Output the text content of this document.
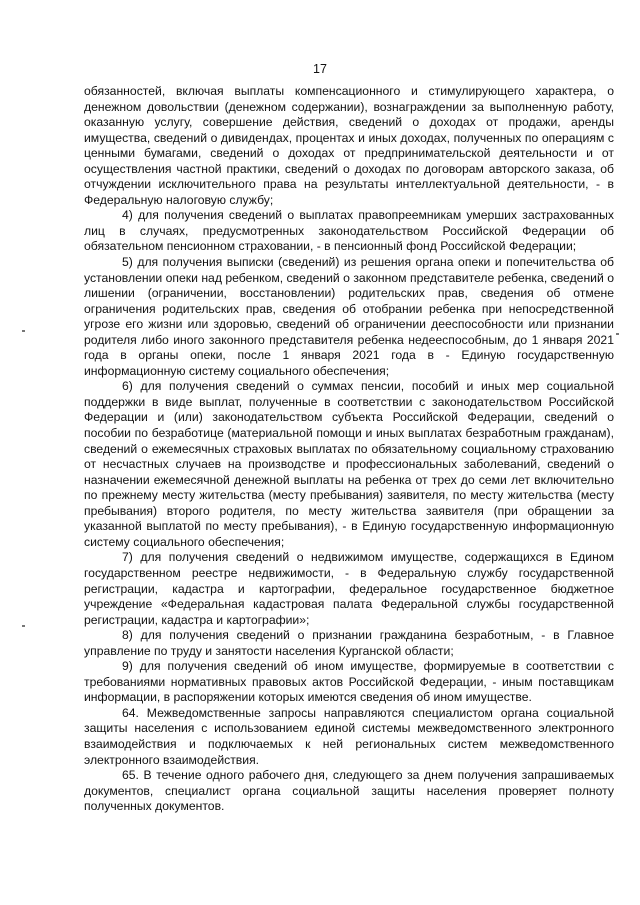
17

обязанностей, включая выплаты компенсационного и стимулирующего характера, о денежном довольствии (денежном содержании), вознаграждении за выполненную работу, оказанную услугу, совершение действия, сведений о доходах от продажи, аренды имущества, сведений о дивидендах, процентах и иных доходах, полученных по операциям с ценными бумагами, сведений о доходах от предпринимательской деятельности и от осуществления частной практики, сведений о доходах по договорам авторского заказа, об отчуждении исключительного права на результаты интеллектуальной деятельности, - в Федеральную налоговую службу;

4) для получения сведений о выплатах правопреемникам умерших застрахованных лиц в случаях, предусмотренных законодательством Российской Федерации об обязательном пенсионном страховании, - в пенсионный фонд Российской Федерации;

5) для получения выписки (сведений) из решения органа опеки и попечительства об установлении опеки над ребенком, сведений о законном представителе ребенка, сведений о лишении (ограничении, восстановлении) родительских прав, сведения об отмене ограничения родительских прав, сведения об отобрании ребенка при непосредственной угрозе его жизни или здоровью, сведений об ограничении дееспособности или признании родителя либо иного законного представителя ребенка недееспособным, до 1 января 2021 года в органы опеки, после 1 января 2021 года в - Единую государственную информационную систему социального обеспечения;

6) для получения сведений о суммах пенсии, пособий и иных мер социальной поддержки в виде выплат, полученные в соответствии с законодательством Российской Федерации и (или) законодательством субъекта Российской Федерации, сведений о пособии по безработице (материальной помощи и иных выплатах безработным гражданам), сведений о ежемесячных страховых выплатах по обязательному социальному страхованию от несчастных случаев на производстве и профессиональных заболеваний, сведений о назначении ежемесячной денежной выплаты на ребенка от трех до семи лет включительно по прежнему месту жительства (месту пребывания) заявителя, по месту жительства (месту пребывания) второго родителя, по месту жительства заявителя (при обращении за указанной выплатой по месту пребывания), - в Единую государственную информационную систему социального обеспечения;

7) для получения сведений о недвижимом имуществе, содержащихся в Едином государственном реестре недвижимости, - в Федеральную службу государственной регистрации, кадастра и картографии, федеральное государственное бюджетное учреждение «Федеральная кадастровая палата Федеральной службы государственной регистрации, кадастра и картографии»;

8) для получения сведений о признании гражданина безработным, - в Главное управление по труду и занятости населения Курганской области;

9) для получения сведений об ином имуществе, формируемые в соответствии с требованиями нормативных правовых актов Российской Федерации, - иным поставщикам информации, в распоряжении которых имеются сведения об ином имуществе.

64. Межведомственные запросы направляются специалистом органа социальной защиты населения с использованием единой системы межведомственного электронного взаимодействия и подключаемых к ней региональных систем межведомственного электронного взаимодействия.

65. В течение одного рабочего дня, следующего за днем получения запрашиваемых документов, специалист органа социальной защиты населения проверяет полноту полученных документов.
